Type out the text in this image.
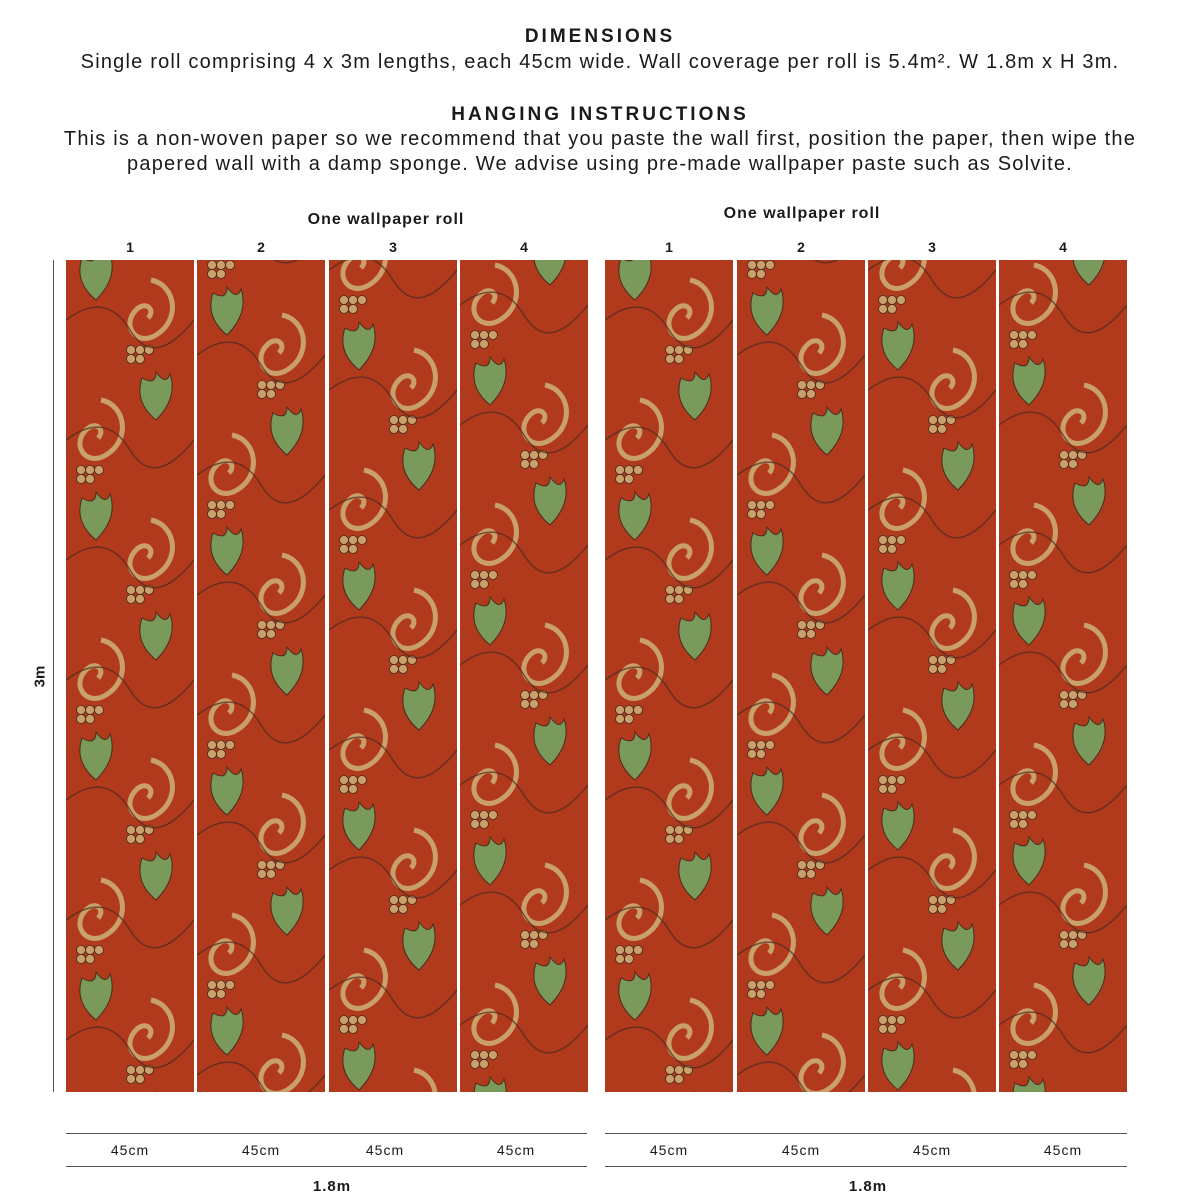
DIMENSIONS
Single roll comprising 4 x 3m lengths, each 45cm wide. Wall coverage per roll is 5.4m². W 1.8m x H 3m.
HANGING INSTRUCTIONS
This is a non-woven paper so we recommend that you paste the wall first, position the paper, then wipe the
papered wall with a damp sponge. We advise using pre-made wallpaper paste such as Solvite.
One wallpaper roll	One wallpaper roll
1	2	3	4	1	2	3	4
3m
45cm	45cm	45cm	45cm	45cm	45cm	45cm	45cm
1.8m	1.8m
